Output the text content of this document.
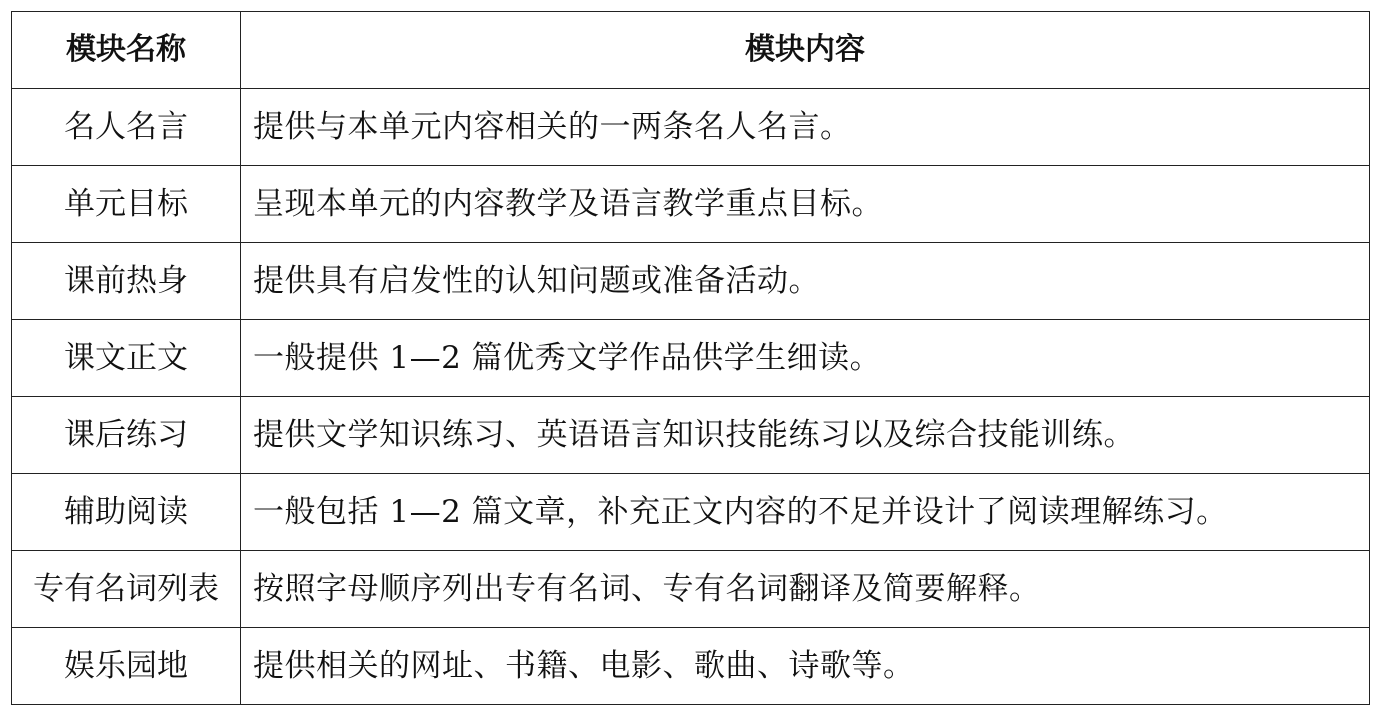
模块名称	模块内容
名人名言	提供与本单元内容相关的一两条名人名言。
单元目标	呈现本单元的内容教学及语言教学重点目标。
课前热身	提供具有启发性的认知问题或准备活动。
课文正文	一般提供 1—2 篇优秀文学作品供学生细读。
课后练习	提供文学知识练习、英语语言知识技能练习以及综合技能训练。
辅助阅读	一般包括 1—2 篇文章，补充正文内容的不足并设计了阅读理解练习。
专有名词列表	按照字母顺序列出专有名词、专有名词翻译及简要解释。
娱乐园地	提供相关的网址、书籍、电影、歌曲、诗歌等。
